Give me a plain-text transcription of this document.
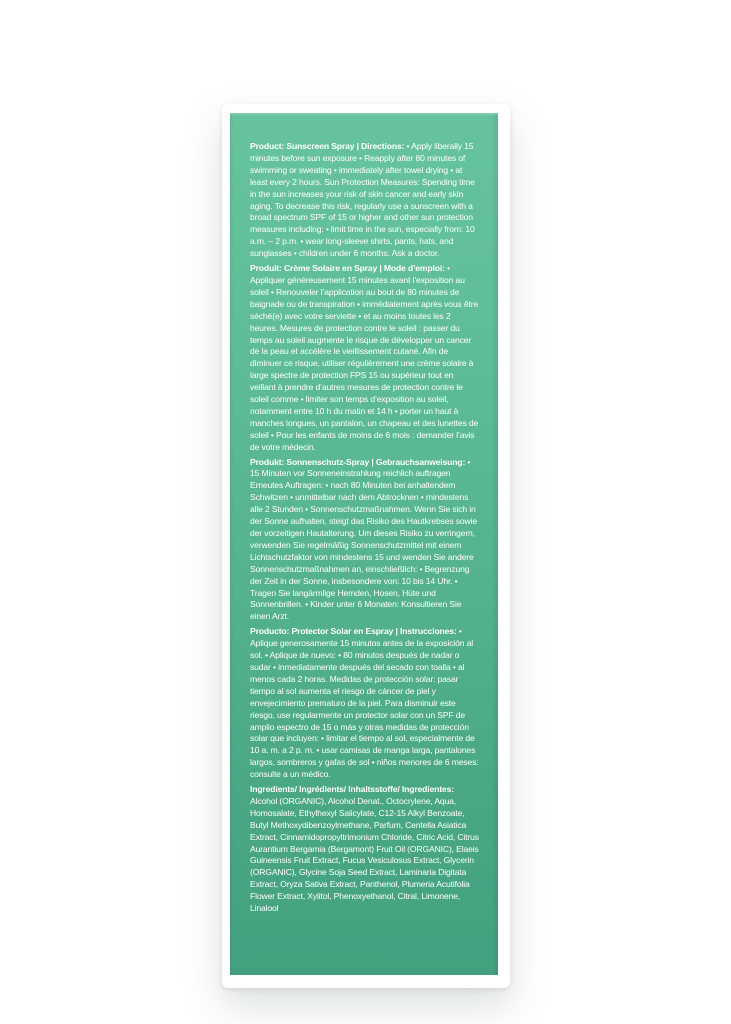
Product: Sunscreen Spray | Directions: • Apply liberally 15 minutes before sun exposure • Reapply after 80 minutes of swimming or sweating • immediately after towel drying • at least every 2 hours. Sun Protection Measures: Spending time in the sun increases your risk of skin cancer and early skin aging. To decrease this risk, regularly use a sunscreen with a broad spectrum SPF of 15 or higher and other sun protection measures including: • limit time in the sun, especially from: 10 a.m. – 2 p.m. • wear long-sleeve shirts, pants, hats, and sunglasses • children under 6 months: Ask a doctor.
Produit: Crème Solaire en Spray | Mode d’emploi: • Appliquer généreusement 15 minutes avant l’exposition au soleil • Renouveler l’application au bout de 80 minutes de baignade ou de transpiration • immédiatement après vous être séché(e) avec votre serviette • et au moins toutes les 2 heures. Mesures de protection contre le soleil : passer du temps au soleil augmente le risque de développer un cancer de la peau et accélère le vieillissement cutané. Afin de diminuer ce risque, utiliser régulièrement une crème solaire à large spectre de protection FPS 15 ou supérieur tout en veillant à prendre d’autres mesures de protection contre le soleil comme • limiter son temps d’exposition au soleil, notamment entre 10 h du matin et 14 h • porter un haut à manches longues, un pantalon, un chapeau et des lunettes de soleil • Pour les enfants de moins de 6 mois : demander l’avis de votre médecin.
Produkt: Sonnenschutz-Spray | Gebrauchsanweisung: • 15 Minuten vor Sonneneinstrahlung reichlich auftragen Erneutes Auftragen: • nach 80 Minuten bei anhaltendem Schwitzen • unmittelbar nach dem Abtrocknen • mindestens alle 2 Stunden • Sonnenschutzmaßnahmen. Wenn Sie sich in der Sonne aufhalten, steigt das Risiko des Hautkrebses sowie der vorzeitigen Hautalterung. Um dieses Risiko zu verringern, verwenden Sie regelmäßig Sonnenschutzmittel mit einem Lichtschutzfaktor von mindestens 15 und wenden Sie andere Sonnenschutzmaßnahmen an, einschließlich: • Begrenzung der Zeit in der Sonne, insbesondere von: 10 bis 14 Uhr. • Tragen Sie langärmlige Hemden, Hosen, Hüte und Sonnenbrillen. • Kinder unter 6 Monaten: Konsultieren Sie einen Arzt.
Producto: Protector Solar en Espray | Instrucciones: • Aplique generosamente 15 minutos antes de la exposición al sol. • Aplique de nuevo: • 80 minutos después de nadar o sudar • inmediatamente después del secado con toalla • al menos cada 2 horas. Medidas de protección solar: pasar tiempo al sol aumenta el riesgo de cáncer de piel y envejecimiento prematuro de la piel. Para disminuir este riesgo, use regularmente un protector solar con un SPF de amplio espectro de 15 o más y otras medidas de protección solar que incluyen: • limitar el tiempo al sol, especialmente de 10 a. m. a 2 p. m. • usar camisas de manga larga, pantalones largos, sombreros y gafas de sol • niños menores de 6 meses: consulte a un médico.
Ingredients/ Ingrédients/ Inhaltsstoffe/ Ingredientes: Alcohol (ORGANIC), Alcohol Denat., Octocrylene, Aqua, Homosalate, Ethylhexyl Salicylate, C12-15 Alkyl Benzoate, Butyl Methoxydibenzoylmethane, Parfum, Centella Asiatica Extract, Cinnamidopropyltrimonium Chloride, Citric Acid, Citrus Aurantium Bergamia (Bergamont) Fruit Oil (ORGANIC), Elaeis Guineensis Fruit Extract, Fucus Vesiculosus Extract, Glycerin (ORGANIC), Glycine Soja Seed Extract, Laminaria Digitata Extract, Oryza Sativa Extract, Panthenol, Plumeria Acutifolia Flower Extract, Xylitol, Phenoxyethanol, Citral, Limonene, Linalool
